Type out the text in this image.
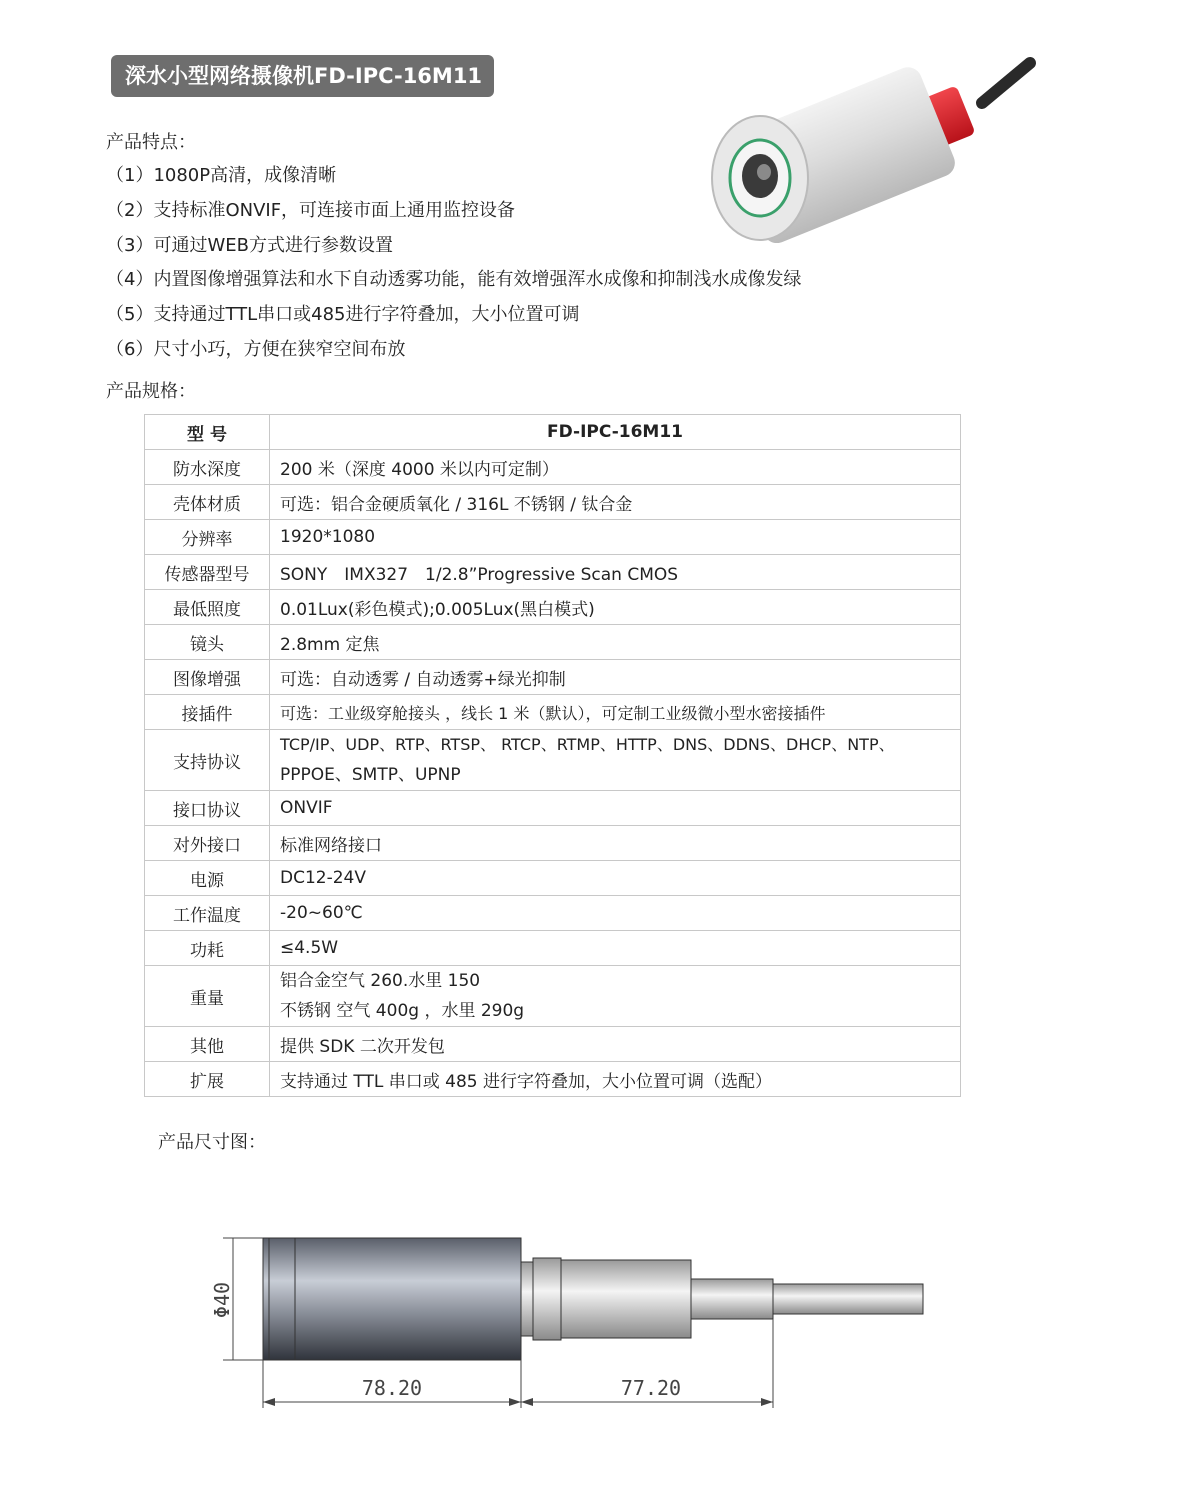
深水小型网络摄像机FD-IPC-16M11
产品特点：
（1）1080P高清，成像清晰
（2）支持标准ONVIF，可连接市面上通用监控设备
（3）可通过WEB方式进行参数设置
（4）内置图像增强算法和水下自动透雾功能，能有效增强浑水成像和抑制浅水成像发绿
（5）支持通过TTL串口或485进行字符叠加，大小位置可调
（6）尺寸小巧，方便在狭窄空间布放
产品规格：
型 号	FD-IPC-16M11
防水深度	200 米（深度 4000 米以内可定制）
壳体材质	可选：铝合金硬质氧化 / 316L 不锈钢 / 钛合金
分辨率	1920*1080
传感器型号	SONY　IMX327　1/2.8”Progressive Scan CMOS
最低照度	0.01Lux(彩色模式);0.005Lux(黑白模式)
镜头	2.8mm 定焦
图像增强	可选：自动透雾 / 自动透雾+绿光抑制
接插件	可选：工业级穿舱接头 ，线长 1 米（默认），可定制工业级微小型水密接插件
支持协议	TCP/IP、UDP、RTP、RTSP、 RTCP、RTMP、HTTP、DNS、DDNS、DHCP、NTP、
PPPOE、SMTP、UPNP

接口协议	ONVIF
对外接口	标准网络接口
电源	DC12-24V
工作温度	-20~60℃
功耗	≤4.5W
重量	铝合金空气 260.水里 150
不锈钢 空气 400g ，水里 290g

其他	提供 SDK 二次开发包
扩展	支持通过 TTL 串口或 485 进行字符叠加，大小位置可调（选配）
产品尺寸图：
Φ40
78.20	77.20
